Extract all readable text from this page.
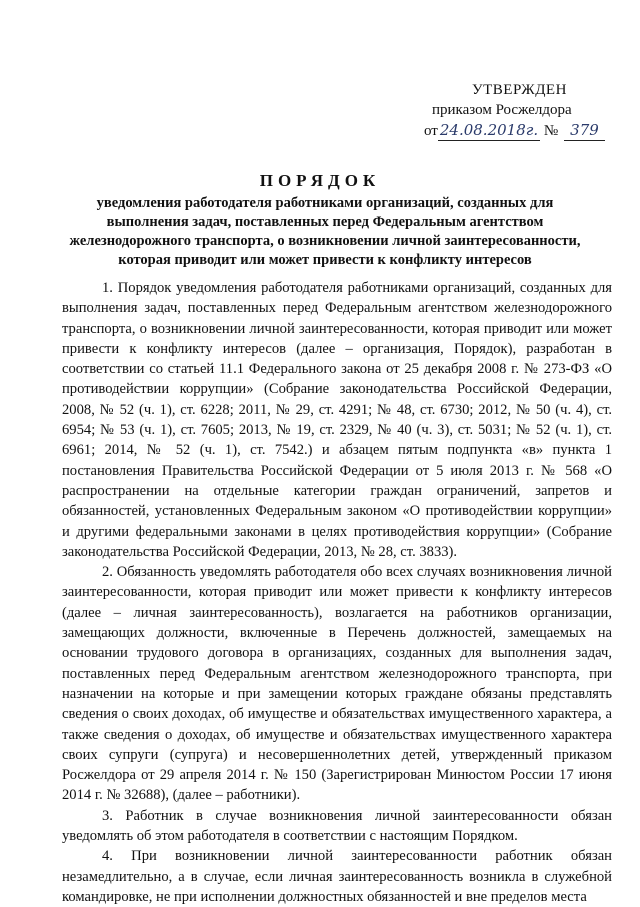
УТВЕРЖДЕН
приказом Росжелдора
от 24.08.2018г. № 379
ПОРЯДОК
уведомления работодателя работниками организаций, созданных для выполнения задач, поставленных перед Федеральным агентством железнодорожного транспорта, о возникновении личной заинтересованности, которая приводит или может привести к конфликту интересов

1. Порядок уведомления работодателя работниками организаций, созданных для выполнения задач, поставленных перед Федеральным агентством железнодорожного транспорта, о возникновении личной заинтересованности, которая приводит или может привести к конфликту интересов (далее – организация, Порядок), разработан в соответствии со статьей 11.1 Федерального закона от 25 декабря 2008 г. № 273-ФЗ «О противодействии коррупции» (Собрание законодательства Российской Федерации, 2008, № 52 (ч. 1), ст. 6228; 2011, № 29, ст. 4291; № 48, ст. 6730; 2012, № 50 (ч. 4), ст. 6954; № 53 (ч. 1), ст. 7605; 2013, № 19, ст. 2329, № 40 (ч. 3), ст. 5031; № 52 (ч. 1), ст. 6961; 2014, № 52 (ч. 1), ст. 7542.) и абзацем пятым подпункта «в» пункта 1 постановления Правительства Российской Федерации от 5 июля 2013 г. № 568 «О распространении на отдельные категории граждан ограничений, запретов и обязанностей, установленных Федеральным законом «О противодействии коррупции» и другими федеральными законами в целях противодействия коррупции» (Собрание законодательства Российской Федерации, 2013, № 28, ст. 3833).

2. Обязанность уведомлять работодателя обо всех случаях возникновения личной заинтересованности, которая приводит или может привести к конфликту интересов (далее – личная заинтересованность), возлагается на работников организации, замещающих должности, включенные в Перечень должностей, замещаемых на основании трудового договора в организациях, созданных для выполнения задач, поставленных перед Федеральным агентством железнодорожного транспорта, при назначении на которые и при замещении которых граждане обязаны представлять сведения о своих доходах, об имуществе и обязательствах имущественного характера, а также сведения о доходах, об имуществе и обязательствах имущественного характера своих супруги (супруга) и несовершеннолетних детей, утвержденный приказом Росжелдора от 29 апреля 2014 г. № 150 (Зарегистрирован Минюстом России 17 июня 2014 г. № 32688), (далее – работники).

3. Работник в случае возникновения личной заинтересованности обязан уведомлять об этом работодателя в соответствии с настоящим Порядком.

4. При возникновении личной заинтересованности работник обязан незамедлительно, а в случае, если личная заинтересованность возникла в служебной командировке, не при исполнении должностных обязанностей и вне пределов места
